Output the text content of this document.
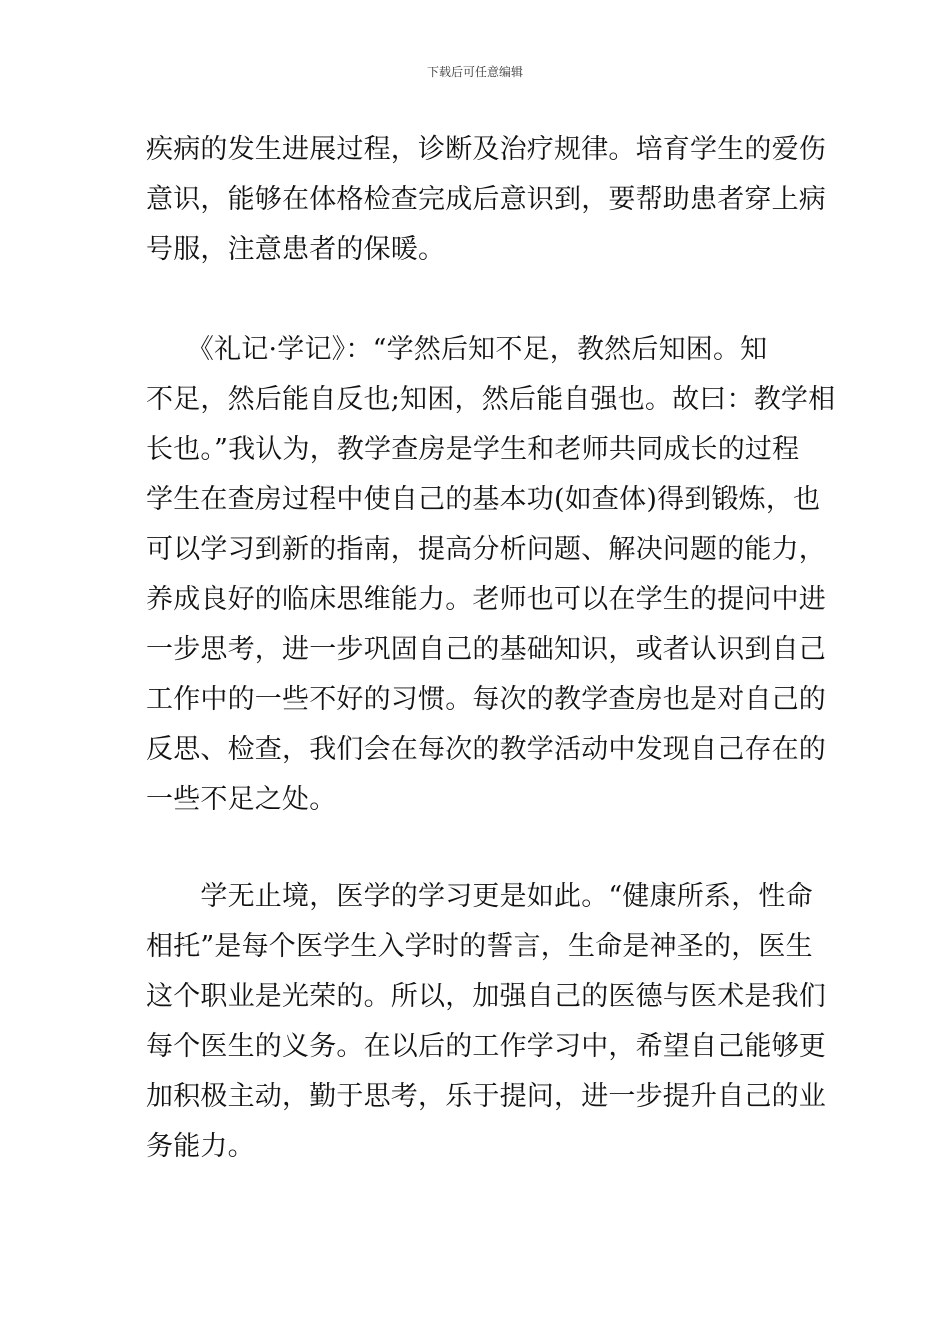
下载后可任意编辑
疾病的发生进展过程，诊断及治疗规律。培育学生的爱伤
意识，能够在体格检查完成后意识到，要帮助患者穿上病
号服，注意患者的保暖。
　　《礼记·学记》：“学然后知不足，教然后知困。知
不足，然后能自反也;知困，然后能自强也。故曰：教学相
长也。”我认为，教学查房是学生和老师共同成长的过程
学生在查房过程中使自己的基本功(如查体)得到锻炼，也
可以学习到新的指南，提高分析问题、解决问题的能力，
养成良好的临床思维能力。老师也可以在学生的提问中进
一步思考，进一步巩固自己的基础知识，或者认识到自己
工作中的一些不好的习惯。每次的教学查房也是对自己的
反思、检查，我们会在每次的教学活动中发现自己存在的
一些不足之处。
　　学无止境，医学的学习更是如此。“健康所系，性命
相托”是每个医学生入学时的誓言，生命是神圣的，医生
这个职业是光荣的。所以，加强自己的医德与医术是我们
每个医生的义务。在以后的工作学习中，希望自己能够更
加积极主动，勤于思考，乐于提问，进一步提升自己的业
务能力。
